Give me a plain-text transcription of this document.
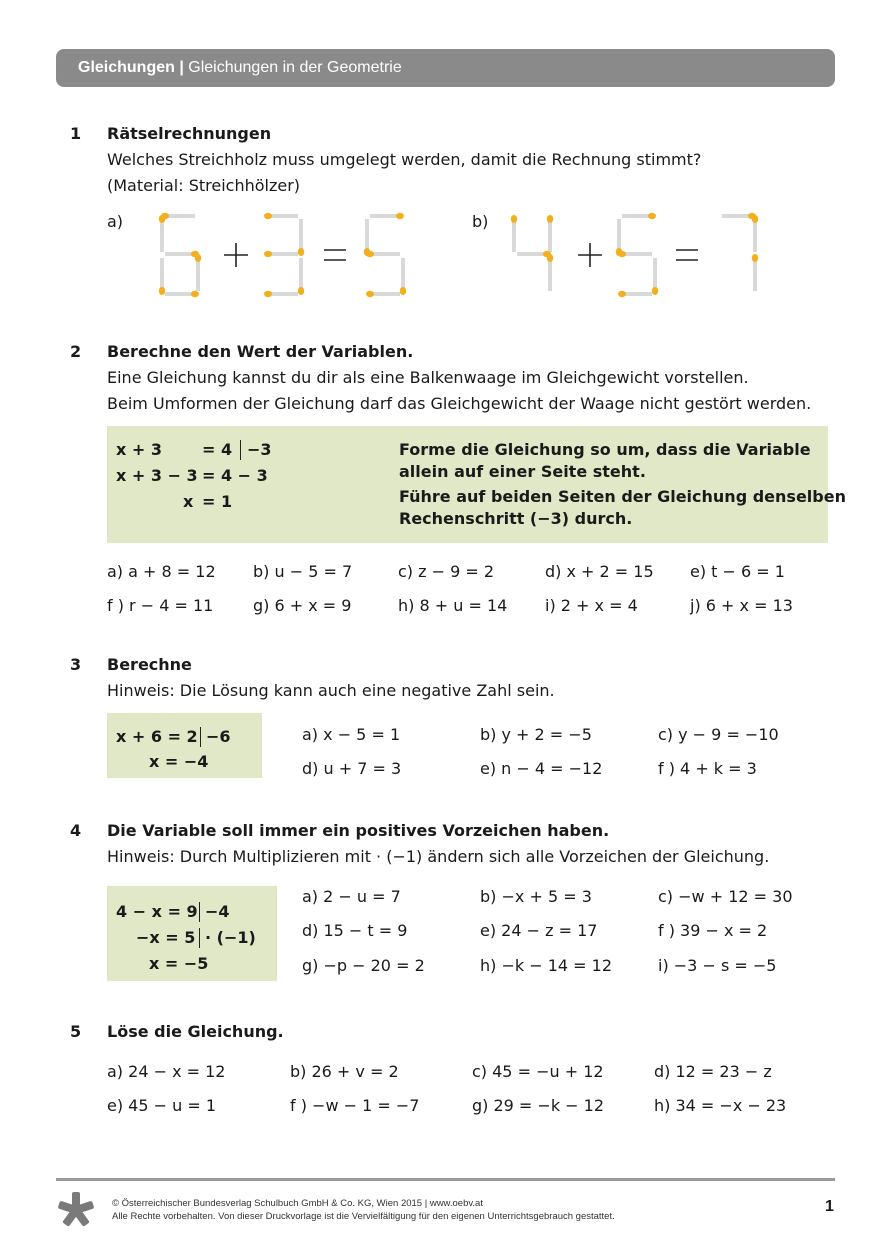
Gleichungen | Gleichungen in der Geometrie
1 Rätselrechnungen
Welches Streichholz muss umgelegt werden, damit die Rechnung stimmt?
(Material: Streichhölzer)
a)	b)
2 Berechne den Wert der Variablen.
Eine Gleichung kannst du dir als eine Balkenwaage im Gleichgewicht vorstellen.
Beim Umformen der Gleichung darf das Gleichgewicht der Waage nicht gestört werden.
x + 3	= 4 −3
x + 3 − 3 = 4 − 3
x = 1
Forme die Gleichung so um, dass die Variable
allein auf einer Seite steht.
Führe auf beiden Seiten der Gleichung denselben
Rechenschritt (−3) durch.
a) a + 8 = 12 b) u − 5 = 7	c) z − 9 = 2	d) x + 2 = 15 e) t − 6 = 1
f ) r − 4 = 11 g) 6 + x = 9	h) 8 + u = 14 i) 2 + x = 4	j) 6 + x = 13
3 Berechne
Hinweis: Die Lösung kann auch eine negative Zahl sein.
x + 6 = 2 −6
x = −4
a) x − 5 = 1	b) y + 2 = −5	c) y − 9 = −10
d) u + 7 = 3	e) n − 4 = −12	f ) 4 + k = 3
4 Die Variable soll immer ein positives Vorzeichen haben.
Hinweis: Durch Multiplizieren mit · (−1) ändern sich alle Vorzeichen der Gleichung.
4 − x = 9 −4
−x = 5 · (−1)
x = −5
a) 2 − u = 7	b) −x + 5 = 3	c) −w + 12 = 30
d) 15 − t = 9	e) 24 − z = 17	f ) 39 − x = 2
g) −p − 20 = 2	h) −k − 14 = 12	i) −3 − s = −5
5 Löse die Gleichung.
a) 24 − x = 12	b) 26 + v = 2	c) 45 = −u + 12	d) 12 = 23 − z
e) 45 − u = 1	f ) −w − 1 = −7	g) 29 = −k − 12	h) 34 = −x − 23
© Österreichischer Bundesverlag Schulbuch GmbH & Co. KG, Wien 2015 | www.oebv.at
Alle Rechte vorbehalten. Von dieser Druckvorlage ist die Vervielfältigung für den eigenen Unterrichtsgebrauch gestattet.
1
